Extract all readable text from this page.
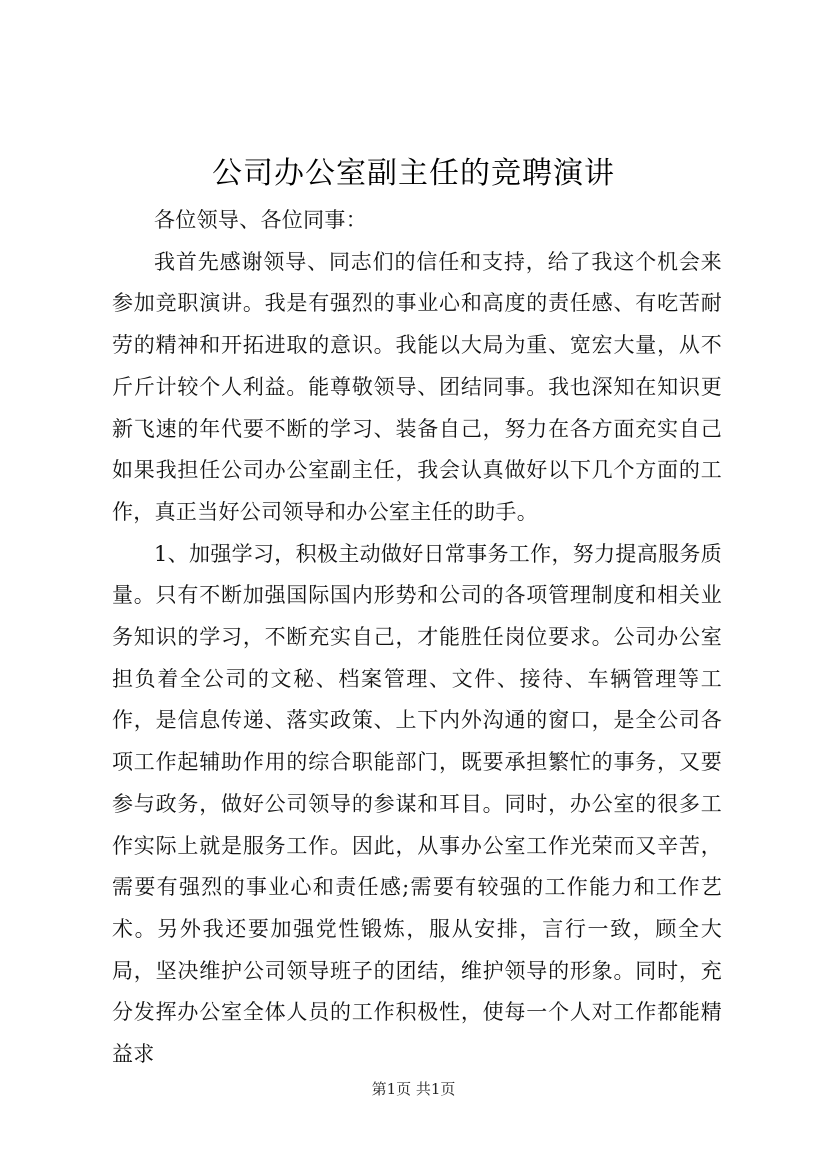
公司办公室副主任的竞聘演讲

各位领导、各位同事：

我首先感谢领导、同志们的信任和支持，给了我这个机会来参加竞职演讲。我是有强烈的事业心和高度的责任感、有吃苦耐劳的精神和开拓进取的意识。我能以大局为重、宽宏大量，从不斤斤计较个人利益。能尊敬领导、团结同事。我也深知在知识更新飞速的年代要不断的学习、装备自己，努力在各方面充实自己如果我担任公司办公室副主任，我会认真做好以下几个方面的工作，真正当好公司领导和办公室主任的助手。

1、加强学习，积极主动做好日常事务工作，努力提高服务质量。只有不断加强国际国内形势和公司的各项管理制度和相关业务知识的学习，不断充实自己，才能胜任岗位要求。公司办公室担负着全公司的文秘、档案管理、文件、接待、车辆管理等工作，是信息传递、落实政策、上下内外沟通的窗口，是全公司各项工作起辅助作用的综合职能部门，既要承担繁忙的事务，又要参与政务，做好公司领导的参谋和耳目。同时，办公室的很多工作实际上就是服务工作。因此，从事办公室工作光荣而又辛苦，需要有强烈的事业心和责任感;需要有较强的工作能力和工作艺术。另外我还要加强党性锻炼，服从安排，言行一致，顾全大局，坚决维护公司领导班子的团结，维护领导的形象。同时，充分发挥办公室全体人员的工作积极性，使每一个人对工作都能精益求

第1页 共1页
